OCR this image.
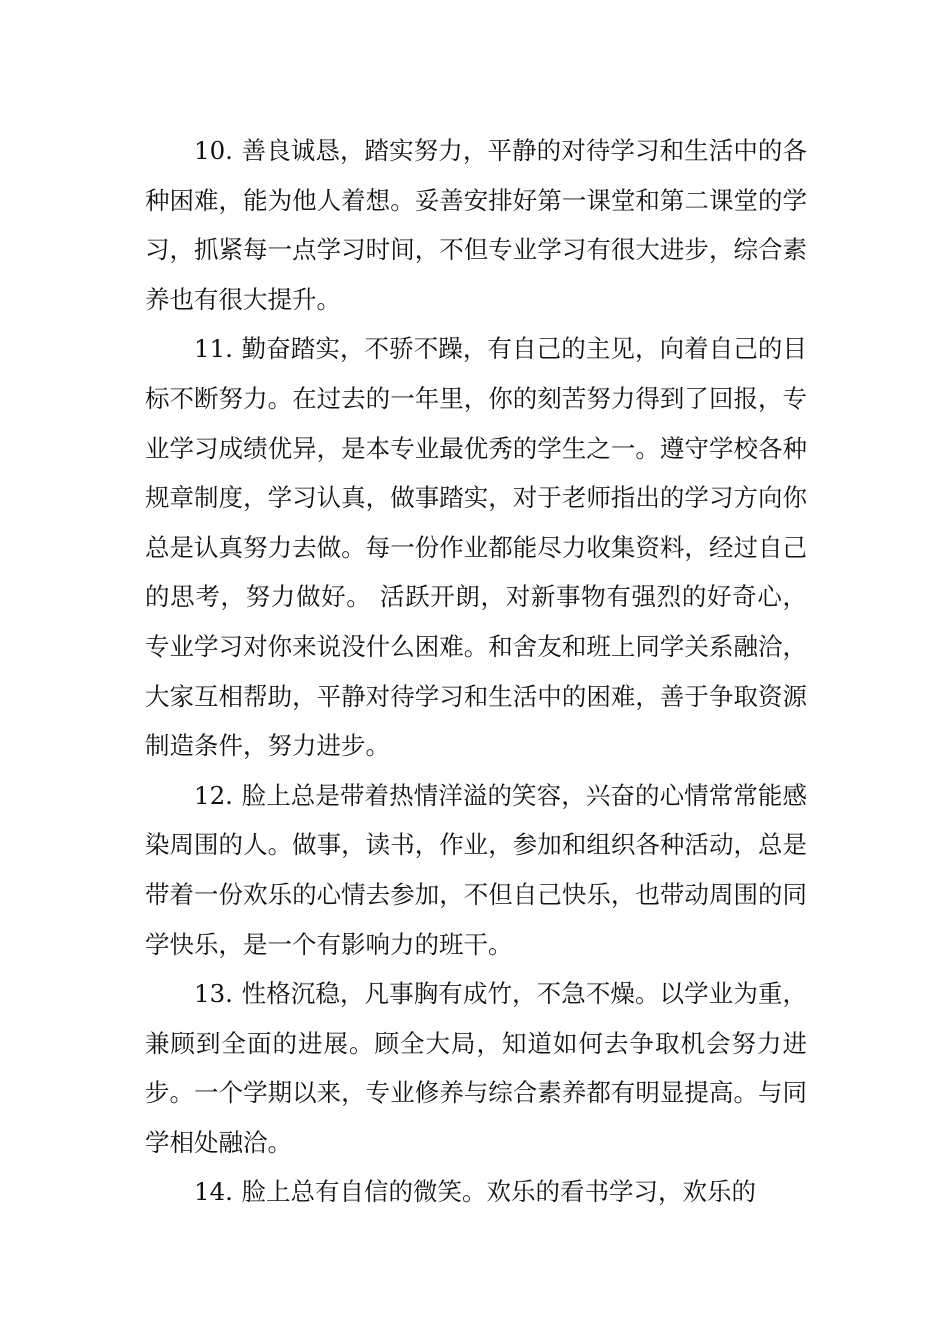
10. 善良诚恳，踏实努力，平静的对待学习和生活中的各种困难，能为他人着想。妥善安排好第一课堂和第二课堂的学习，抓紧每一点学习时间，不但专业学习有很大进步，综合素养也有很大提升。

11. 勤奋踏实，不骄不躁，有自己的主见，向着自己的目标不断努力。在过去的一年里，你的刻苦努力得到了回报，专业学习成绩优异，是本专业最优秀的学生之一。遵守学校各种规章制度，学习认真，做事踏实，对于老师指出的学习方向你总是认真努力去做。每一份作业都能尽力收集资料，经过自己的思考，努力做好。 活跃开朗，对新事物有强烈的好奇心，专业学习对你来说没什么困难。和舍友和班上同学关系融洽，大家互相帮助，平静对待学习和生活中的困难，善于争取资源制造条件，努力进步。

12. 脸上总是带着热情洋溢的笑容，兴奋的心情常常能感染周围的人。做事，读书，作业，参加和组织各种活动，总是带着一份欢乐的心情去参加，不但自己快乐，也带动周围的同学快乐，是一个有影响力的班干。

13. 性格沉稳，凡事胸有成竹，不急不燥。以学业为重，兼顾到全面的进展。顾全大局，知道如何去争取机会努力进步。一个学期以来，专业修养与综合素养都有明显提高。与同学相处融洽。

14. 脸上总有自信的微笑。欢乐的看书学习，欢乐的
